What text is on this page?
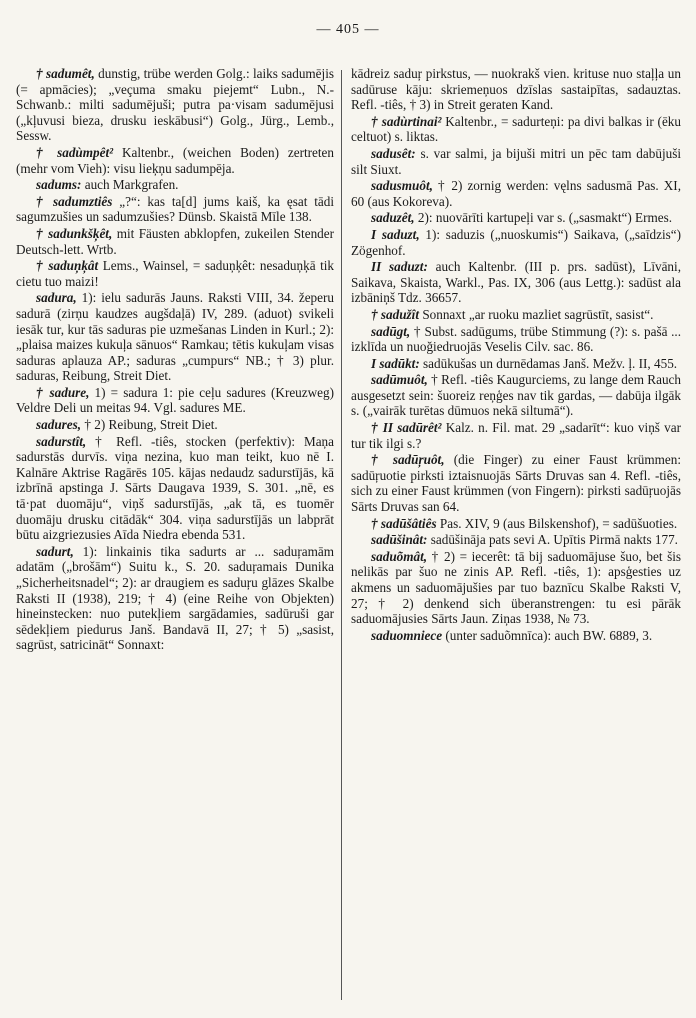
— 405 —

† sadumêt, dunstig, trübe werden Golg.: laiks sadumējis (= apmācies); „veçuma smaku piejemt“ Lubn., N.-Schwanb.: milti sadumējuši; putra pa·visam sadumējusi („kļuvusi bieza, drusku ieskābusi“) Golg., Jürg., Lemb., Sessw.

† sadùmpêt² Kaltenbr., (weichen Boden) zertreten (mehr vom Vieh): visu lieķņu sadumpēja.

sadums: auch Markgrafen.

† sadumztiês „?“: kas ta[d] jums kaiš, ka ęsat tādi sagumzušies un sadumzušies? Dünsb. Skaistā Mīle 138.

† sadunkšķêt, mit Fäusten abklopfen, zukeilen Stender Deutsch-lett. Wrtb.

† saduņķât Lems., Wainsel, = saduņķêt: nesaduņķā tik cietu tuo maizi!

sadura, 1): ielu sadurās Jauns. Raksti VIII, 34. žeperu sadurā (zirņu kaudzes augšdaļā) IV, 289. (aduot) svikeli iesāk tur, kur tās saduras pie uzmešanas Linden in Kurl.; 2): „plaisa maizes kukuļa sānuos“ Ramkau; tētis kukuļam visas saduras aplauza AP.; saduras „cumpurs“ NB.; † 3) plur. saduras, Reibung, Streit Diet.

† sadure, 1) = sadura 1: pie ceļu sadures (Kreuzweg) Veldre Deli un meitas 94. Vgl. sadures ME.

sadures, † 2) Reibung, Streit Diet.

sadurstît, † Refl. -tiês, stocken (perfektiv): Maņa sadurstās durvīs. viņa nezina, kuo man teikt, kuo nē I. Kalnāre Aktrise Ragārēs 105. kājas nedaudz sadurstījās, kā izbrīnā apstinga J. Sārts Daugava 1939, S. 301. „nē, es tā·pat duomāju“, viņš sadurstījās, „ak tā, es tuomēr duomāju drusku citādāk“ 304. viņa sadurstījās un labprāt būtu aizgriezusies Aīda Niedra ebenda 531.

sadurt, 1): linkainis tika sadurts ar ... saduŗamām adatām („brošām“) Suitu k., S. 20. saduŗamais Dunika „Sicherheitsnadel“; 2): ar draugiem es saduŗu glāzes Skalbe Raksti II (1938), 219; † 4) (eine Reihe von Objekten) hineinstecken: nuo putekļiem sargādamies, sadūruši gar sēdekļiem piedurus Janš. Bandavā II, 27; † 5) „sasist, sagrūst, satricināt“ Sonnaxt:

kādreiz saduŗ pirkstus, — nuokrakš vien. krituse nuo staļļa un sadūruse kāju: skriemeņuos dzīslas sastaipītas, sadauztas. Refl. -tiês, † 3) in Streit geraten Kand.

† sadùrtinai² Kaltenbr., = sadurteņi: pa divi balkas ir (ēku celtuot) s. liktas.

sadusêt: s. var salmi, ja bijuši mitri un pēc tam dabūjuši silt Siuxt.

sadusmuôt, † 2) zornig werden: vęlns sadusmā Pas. XI, 60 (aus Kokoreva).

saduzêt, 2): nuovārīti kartupeļi var s. („sasmakt“) Ermes.

I saduzt, 1): saduzis („nuoskumis“) Saikava, („saīdzis“) Zögenhof.

II saduzt: auch Kaltenbr. (III p. prs. sadūst), Līvāni, Saikava, Skaista, Warkl., Pas. IX, 306 (aus Lettg.): sadūst ala izbāniņš Tdz. 36657.

† sadužît Sonnaxt „ar ruoku mazliet sagrūstīt, sasist“.

sadūgt, † Subst. sadūgums, trübe Stimmung (?): s. pašā ... izklīda un nuoğiedruojās Veselis Cilv. sac. 86.

I sadūkt: sadūkušas un durnēdamas Janš. Mežv. ļ. II, 455.

sadūmuôt, † Refl. -tiês Kaugurciems, zu lange dem Rauch ausgesetzt sein: šuoreiz reņģes nav tik gardas, — dabūja ilgāk s. („vairāk turētas dūmuos nekā siltumā“).

† II sadūrêt² Kalz. n. Fil. mat. 29 „sadarīt“: kuo viņš var tur tik ilgi s.?

† sadūŗuôt, (die Finger) zu einer Faust krümmen: sadūŗuotie pirksti iztaisnuojās Sārts Druvas san 4. Refl. -tiês, sich zu einer Faust krümmen (von Fingern): pirksti sadūŗuojās Sārts Druvas san 64.

† sadūšâtiês Pas. XIV, 9 (aus Bilskenshof), = sadūšuoties.

sadūšinât: sadūšināja pats sevi A. Upītis Pirmā nakts 177.

saduõmât, † 2) = iecerêt: tā bij saduomājuse šuo, bet šis nelikās par šuo ne zinis AP. Refl. -tiês, 1): apsģesties uz akmens un saduomājušies par tuo baznīcu Skalbe Raksti V, 27; † 2) denkend sich überanstrengen: tu esi pārāk saduomājusies Sārts Jaun. Ziņas 1938, № 73.

saduomniece (unter saduõmnīca): auch BW. 6889, 3.
